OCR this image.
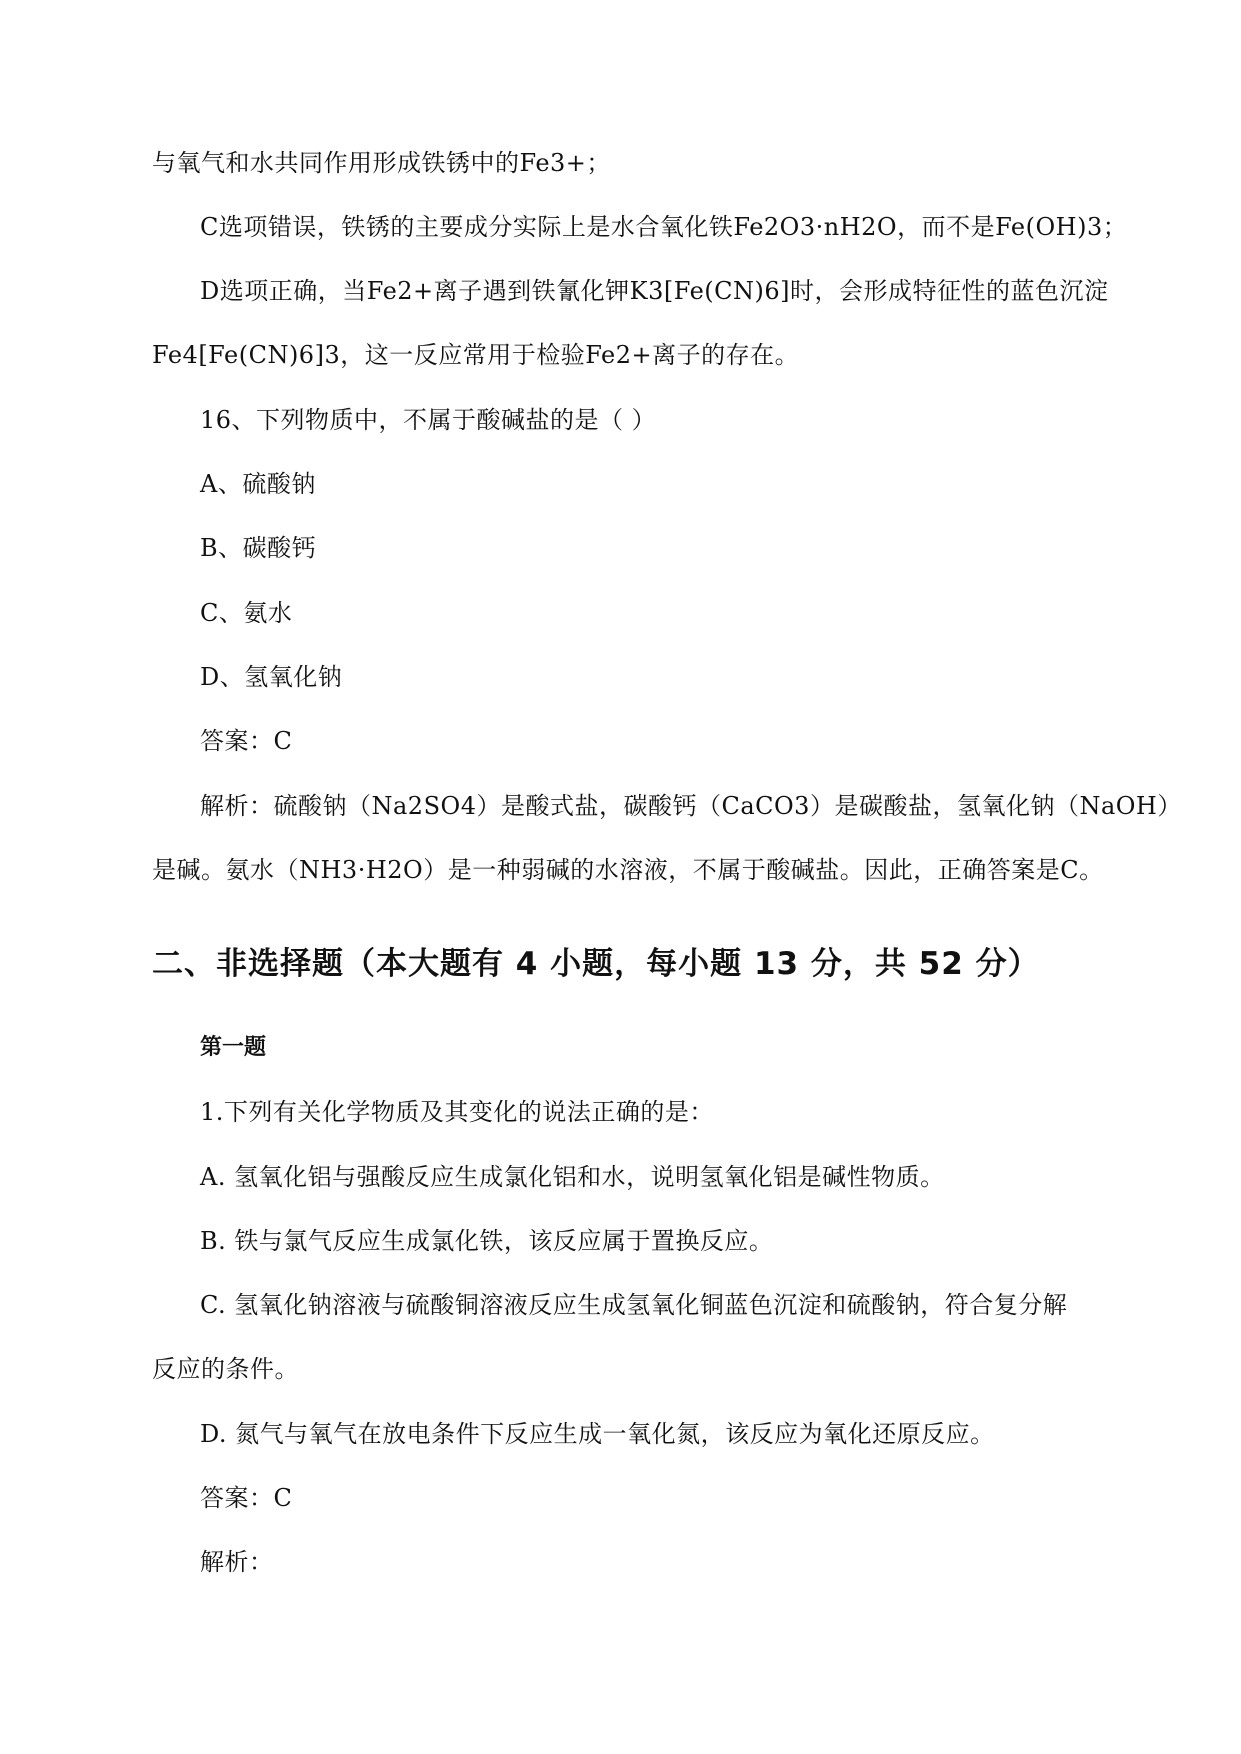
与氧气和水共同作用形成铁锈中的Fe3+；
C选项错误，铁锈的主要成分实际上是水合氧化铁Fe2O3·nH2O，而不是Fe(OH)3；
D选项正确，当Fe2+离子遇到铁氰化钾K3[Fe(CN)6]时，会形成特征性的蓝色沉淀
Fe4[Fe(CN)6]3，这一反应常用于检验Fe2+离子的存在。
16、下列物质中，不属于酸碱盐的是（ ）
A、硫酸钠
B、碳酸钙
C、氨水
D、氢氧化钠
答案：C
解析：硫酸钠（Na2SO4）是酸式盐，碳酸钙（CaCO3）是碳酸盐，氢氧化钠（NaOH）
是碱。氨水（NH3·H2O）是一种弱碱的水溶液，不属于酸碱盐。因此，正确答案是C。
二、非选择题（本大题有 4 小题，每小题 13 分，共 52 分）
第一题
1.下列有关化学物质及其变化的说法正确的是：
A. 氢氧化铝与强酸反应生成氯化铝和水，说明氢氧化铝是碱性物质。
B. 铁与氯气反应生成氯化铁，该反应属于置换反应。
C. 氢氧化钠溶液与硫酸铜溶液反应生成氢氧化铜蓝色沉淀和硫酸钠，符合复分解
反应的条件。
D. 氮气与氧气在放电条件下反应生成一氧化氮，该反应为氧化还原反应。
答案：C
解析：
